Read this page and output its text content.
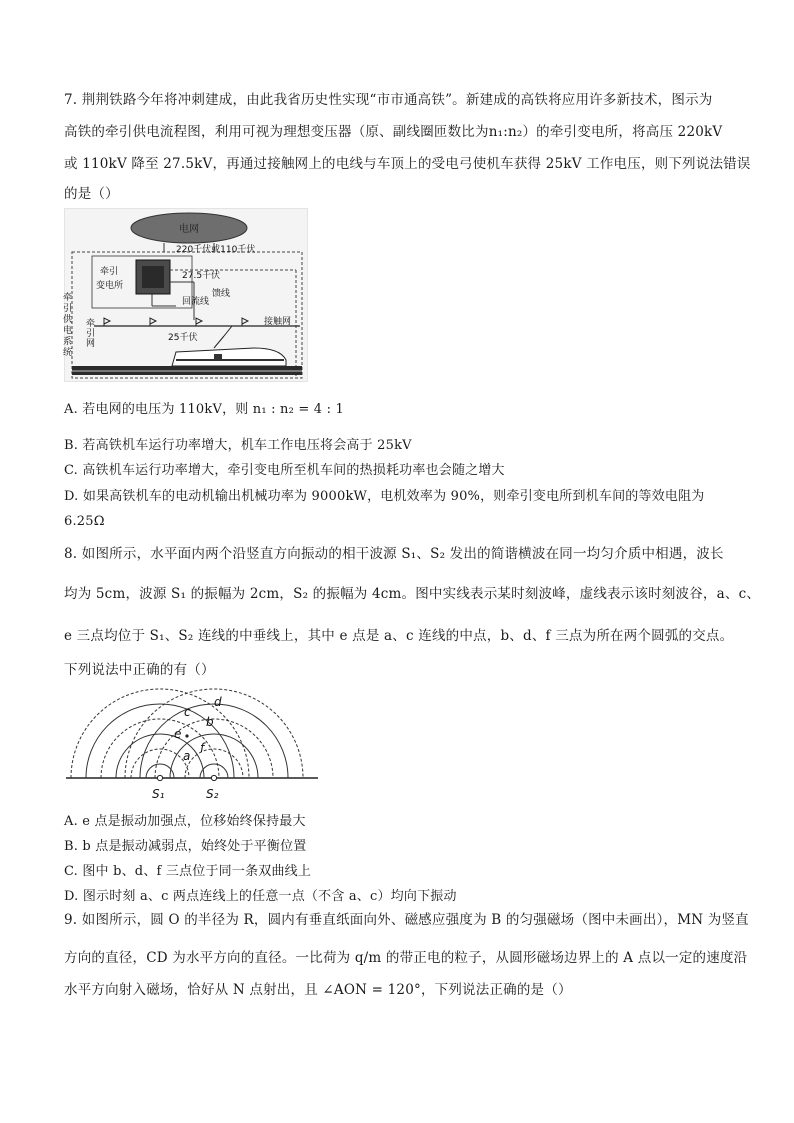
7. 荆荆铁路今年将冲刺建成，由此我省历史性实现“市市通高铁”。新建成的高铁将应用许多新技术，图示为
高铁的牵引供电流程图，利用可视为理想变压器（原、副线圈匝数比为n₁:n₂）的牵引变电所，将高压 220kV
或 110kV 降至 27.5kV，再通过接触网上的电线与车顶上的受电弓使机车获得 25kV 工作电压，则下列说法错误
的是（）
电网
220千伏或110千伏
牵引
变电所
27.5千伏
回流线
馈线
接触网
牵
引
网
25千伏
牵
引
供
电
系
统
A. 若电网的电压为 110kV，则 n₁ : n₂ = 4 : 1
B. 若高铁机车运行功率增大，机车工作电压将会高于 25kV
C. 高铁机车运行功率增大，牵引变电所至机车间的热损耗功率也会随之增大
D. 如果高铁机车的电动机输出机械功率为 9000kW，电机效率为 90%，则牵引变电所到机车间的等效电阻为
6.25Ω
8. 如图所示，水平面内两个沿竖直方向振动的相干波源 S₁、S₂ 发出的简谐横波在同一均匀介质中相遇，波长
均为 5cm，波源 S₁ 的振幅为 2cm，S₂ 的振幅为 4cm。图中实线表示某时刻波峰，虚线表示该时刻波谷，a、c、
e 三点均位于 S₁、S₂ 连线的中垂线上，其中 e 点是 a、c 连线的中点，b、d、f 三点为所在两个圆弧的交点。
下列说法中正确的有（）
c
d
b
e
f
a
S₁	S₂
A. e 点是振动加强点，位移始终保持最大
B. b 点是振动减弱点，始终处于平衡位置
C. 图中 b、d、f 三点位于同一条双曲线上
D. 图示时刻 a、c 两点连线上的任意一点（不含 a、c）均向下振动
9. 如图所示，圆 O 的半径为 R，圆内有垂直纸面向外、磁感应强度为 B 的匀强磁场（图中未画出），MN 为竖直
方向的直径，CD 为水平方向的直径。一比荷为 q/m 的带正电的粒子，从圆形磁场边界上的 A 点以一定的速度沿
水平方向射入磁场，恰好从 N 点射出，且 ∠AON = 120°，下列说法正确的是（）
